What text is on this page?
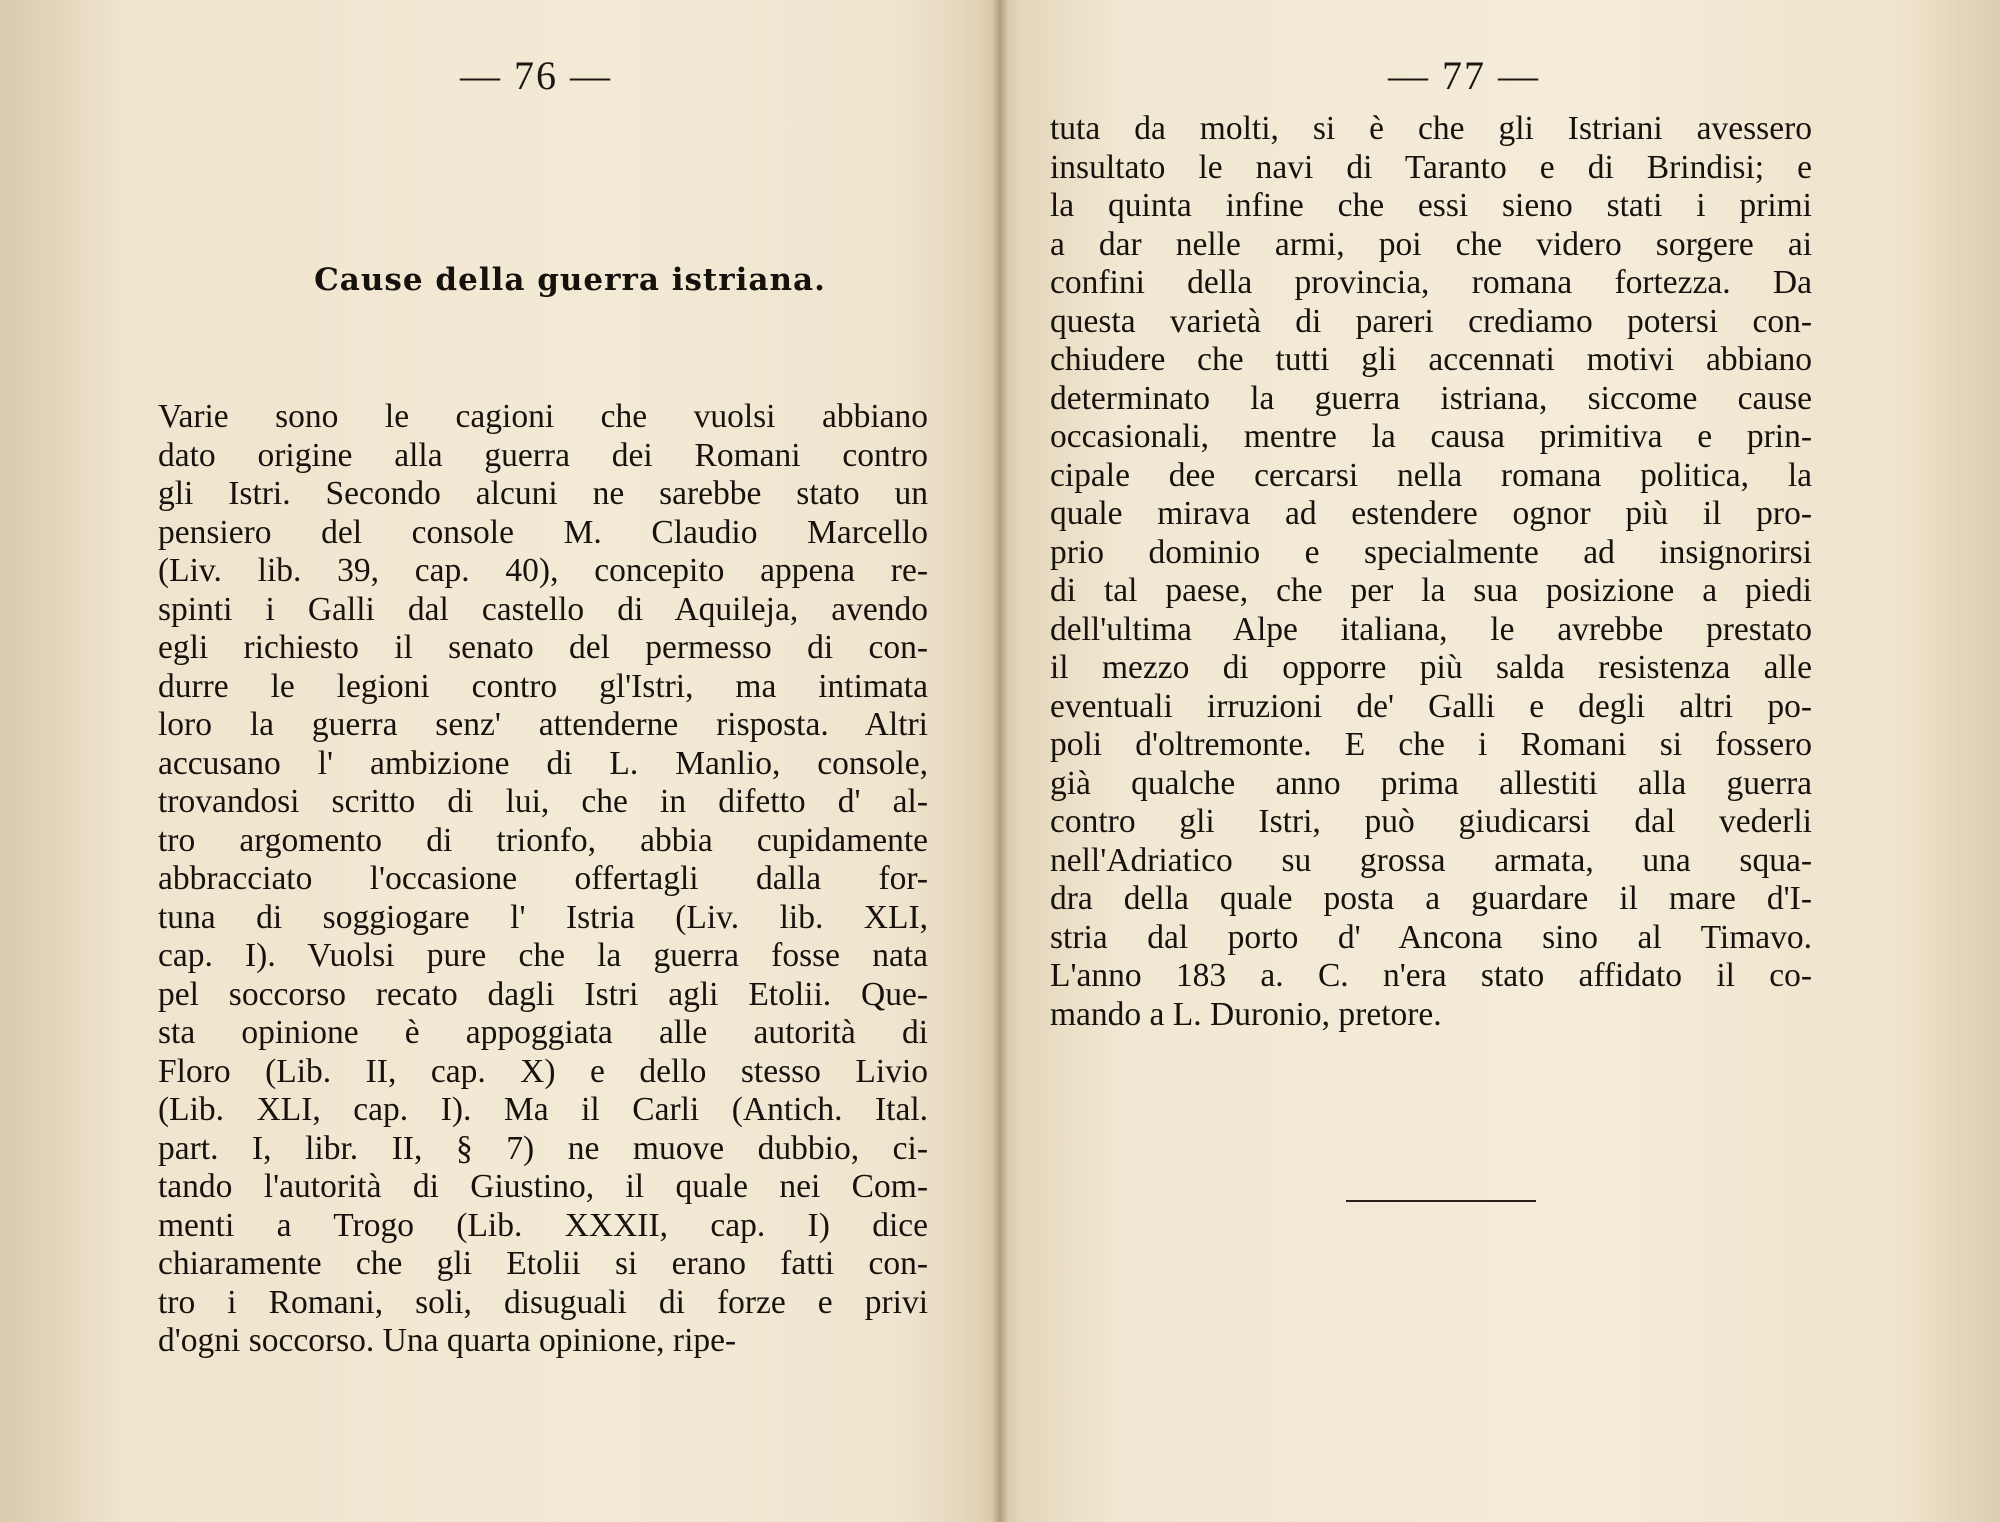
— 76 —
Cause della guerra istriana.
Varie sono le cagioni che vuolsi abbiano
dato origine alla guerra dei Romani contro
gli Istri. Secondo alcuni ne sarebbe stato un
pensiero del console M. Claudio Marcello
(Liv. lib. 39, cap. 40), concepito appena re-
spinti i Galli dal castello di Aquileja, avendo
egli richiesto il senato del permesso di con-
durre le legioni contro gl'Istri, ma intimata
loro la guerra senz' attenderne risposta. Altri
accusano l' ambizione di L. Manlio, console,
trovandosi scritto di lui, che in difetto d' al-
tro argomento di trionfo, abbia cupidamente
abbracciato l'occasione offertagli dalla for-
tuna di soggiogare l' Istria (Liv. lib. XLI,
cap. I). Vuolsi pure che la guerra fosse nata
pel soccorso recato dagli Istri agli Etolii. Que-
sta opinione è appoggiata alle autorità di
Floro (Lib. II, cap. X) e dello stesso Livio
(Lib. XLI, cap. I). Ma il Carli (Antich. Ital.
part. I, libr. II, § 7) ne muove dubbio, ci-
tando l'autorità di Giustino, il quale nei Com-
menti a Trogo (Lib. XXXII, cap. I) dice
chiaramente che gli Etolii si erano fatti con-
tro i Romani, soli, disuguali di forze e privi
d'ogni soccorso. Una quarta opinione, ripe-
— 77 —
tuta da molti, si è che gli Istriani avessero
insultato le navi di Taranto e di Brindisi; e
la quinta infine che essi sieno stati i primi
a dar nelle armi, poi che videro sorgere ai
confini della provincia, romana fortezza. Da
questa varietà di pareri crediamo potersi con-
chiudere che tutti gli accennati motivi abbiano
determinato la guerra istriana, siccome cause
occasionali, mentre la causa primitiva e prin-
cipale dee cercarsi nella romana politica, la
quale mirava ad estendere ognor più il pro-
prio dominio e specialmente ad insignorirsi
di tal paese, che per la sua posizione a piedi
dell'ultima Alpe italiana, le avrebbe prestato
il mezzo di opporre più salda resistenza alle
eventuali irruzioni de' Galli e degli altri po-
poli d'oltremonte. E che i Romani si fossero
già qualche anno prima allestiti alla guerra
contro gli Istri, può giudicarsi dal vederli
nell'Adriatico su grossa armata, una squa-
dra della quale posta a guardare il mare d'I-
stria dal porto d' Ancona sino al Timavo.
L'anno 183 a. C. n'era stato affidato il co-
mando a L. Duronio, pretore.
